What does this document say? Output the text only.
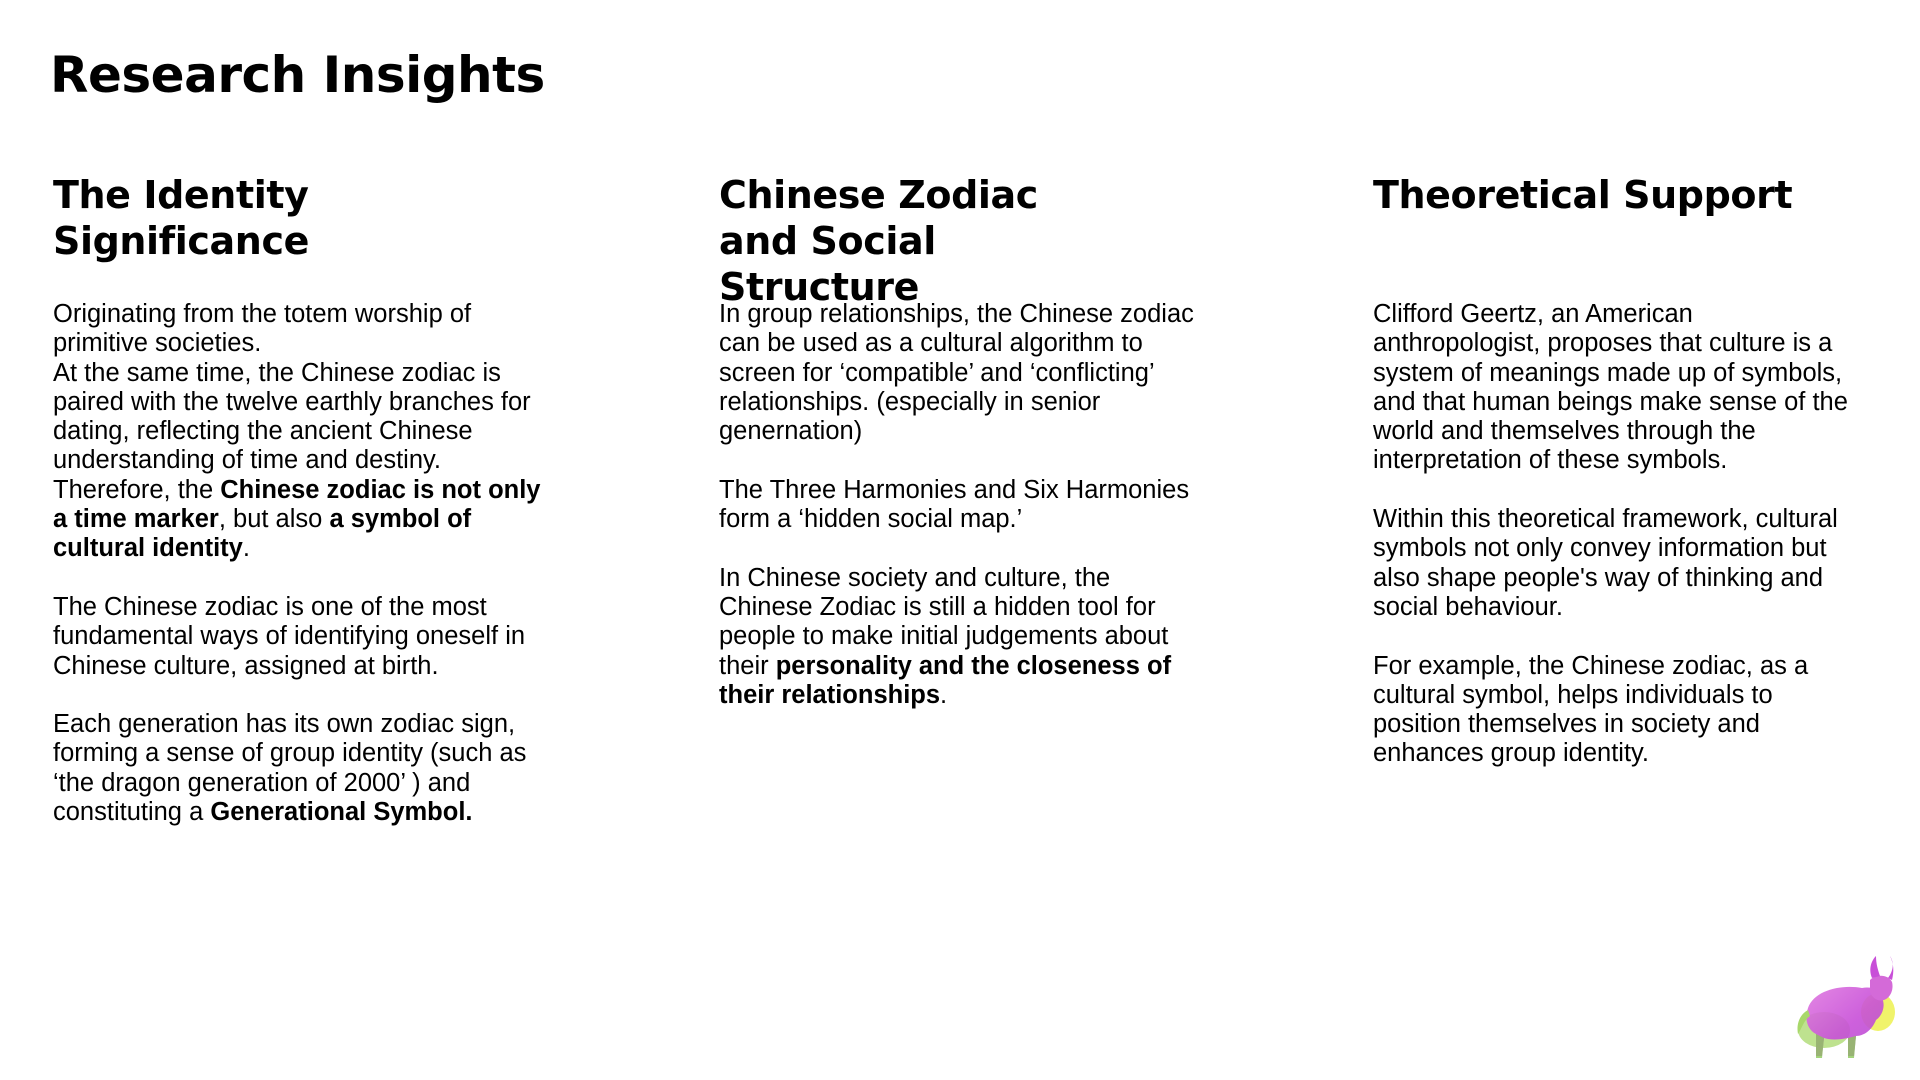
Research Insights
The Identity Significance

Originating from the totem worship of primitive societies.
At the same time, the Chinese zodiac is paired with the twelve earthly branches for dating, reflecting the ancient Chinese understanding of time and destiny.
Therefore, the Chinese zodiac is not only a time marker, but also a symbol of cultural identity.

The Chinese zodiac is one of the most fundamental ways of identifying oneself in Chinese culture, assigned at birth.

Each generation has its own zodiac sign, forming a sense of group identity (such as ‘the dragon generation of 2000’ ) and constituting a Generational Symbol.

Chinese Zodiac and Social Structure

In group relationships, the Chinese zodiac can be used as a cultural algorithm to screen for ‘compatible’ and ‘conflicting’ relationships. (especially in senior genernation)

The Three Harmonies and Six Harmonies form a ‘hidden social map.’

In Chinese society and culture, the Chinese Zodiac is still a hidden tool for people to make initial judgements about their personality and the closeness of their relationships.

Theoretical Support

Clifford Geertz, an American anthropologist, proposes that culture is a system of meanings made up of symbols, and that human beings make sense of the world and themselves through the interpretation of these symbols.

Within this theoretical framework, cultural symbols not only convey information but also shape people's way of thinking and social behaviour.

For example, the Chinese zodiac, as a cultural symbol, helps individuals to position themselves in society and enhances group identity.
